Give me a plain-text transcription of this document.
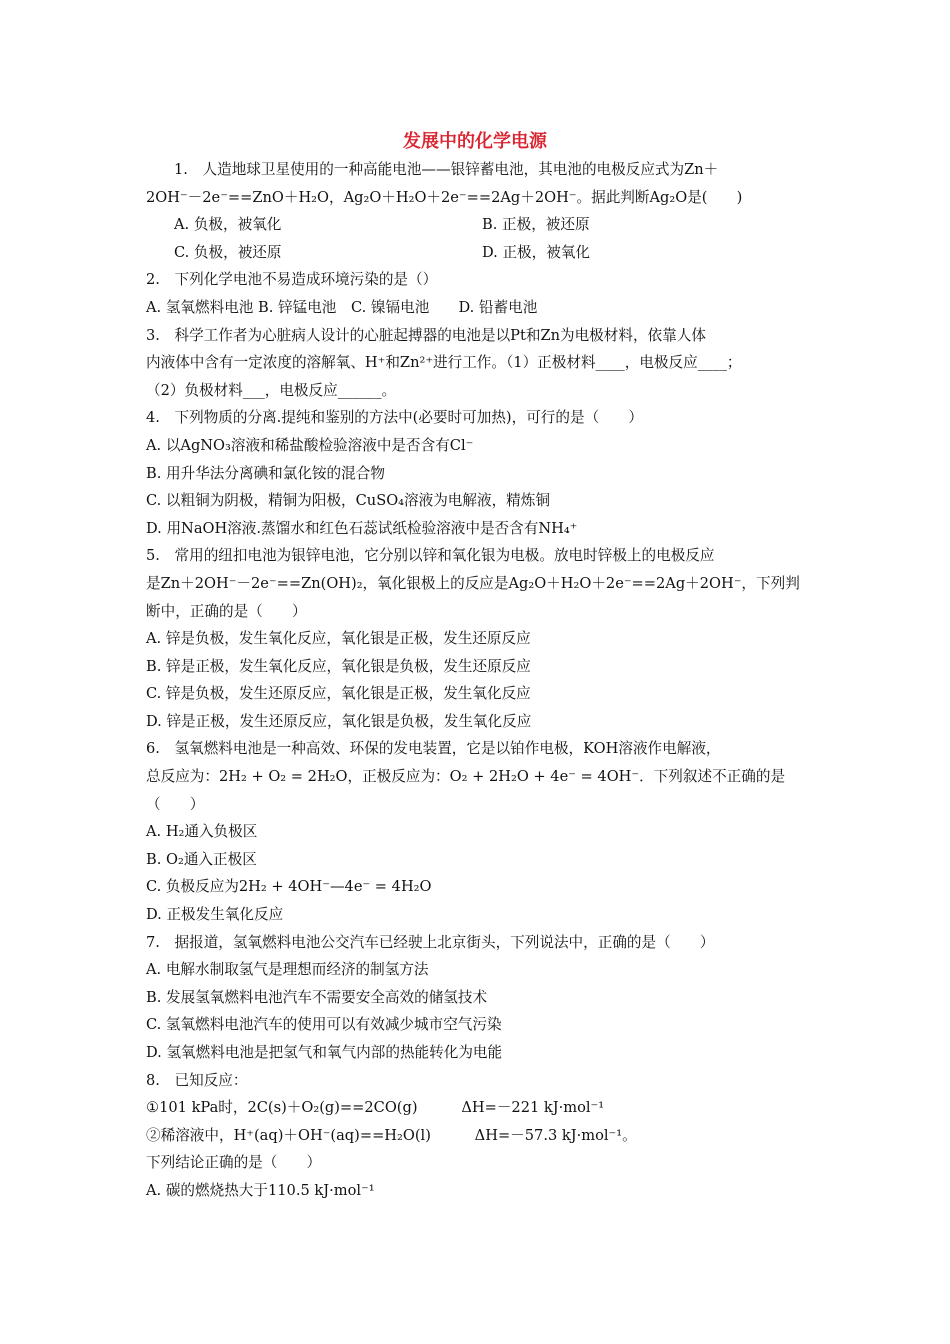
发展中的化学电源
1.　人造地球卫星使用的一种高能电池——银锌蓄电池，其电池的电极反应式为Zn＋
2OH⁻－2e⁻==ZnO＋H₂O，Ag₂O＋H₂O＋2e⁻==2Ag＋2OH⁻。据此判断Ag₂O是(　　)
A. 负极，被氧化	B. 正极，被还原
C. 负极，被还原	D. 正极，被氧化
2.　下列化学电池不易造成环境污染的是（）
A. 氢氧燃料电池 B. 锌锰电池　C. 镍镉电池　　D. 铅蓄电池
3.　科学工作者为心脏病人设计的心脏起搏器的电池是以Pt和Zn为电极材料，依靠人体
内液体中含有一定浓度的溶解氧、H⁺和Zn²⁺进行工作。（1）正极材料____，电极反应____；
（2）负极材料___，电极反应______。
4.　下列物质的分离.提纯和鉴别的方法中(必要时可加热)，可行的是（　　）
A. 以AgNO₃溶液和稀盐酸检验溶液中是否含有Cl⁻
B. 用升华法分离碘和氯化铵的混合物
C. 以粗铜为阴极，精铜为阳极，CuSO₄溶液为电解液，精炼铜
D. 用NaOH溶液.蒸馏水和红色石蕊试纸检验溶液中是否含有NH₄⁺
5.　常用的纽扣电池为银锌电池，它分别以锌和氧化银为电极。放电时锌极上的电极反应
是Zn＋2OH⁻－2e⁻==Zn(OH)₂，氧化银极上的反应是Ag₂O＋H₂O＋2e⁻==2Ag＋2OH⁻，下列判
断中，正确的是（　　）
A. 锌是负极，发生氧化反应，氧化银是正极，发生还原反应
B. 锌是正极，发生氧化反应，氧化银是负极，发生还原反应
C. 锌是负极，发生还原反应，氧化银是正极，发生氧化反应
D. 锌是正极，发生还原反应，氧化银是负极，发生氧化反应
6.　氢氧燃料电池是一种高效、环保的发电装置，它是以铂作电极，KOH溶液作电解液，
总反应为：2H₂ + O₂ = 2H₂O，正极反应为：O₂ + 2H₂O + 4e⁻ = 4OH⁻．下列叙述不正确的是
（　　）
A. H₂通入负极区
B. O₂通入正极区
C. 负极反应为2H₂ + 4OH⁻—4e⁻ = 4H₂O
D. 正极发生氧化反应
7.　据报道，氢氧燃料电池公交汽车已经驶上北京街头，下列说法中，正确的是（　　）
A. 电解水制取氢气是理想而经济的制氢方法
B. 发展氢氧燃料电池汽车不需要安全高效的储氢技术
C. 氢氧燃料电池汽车的使用可以有效减少城市空气污染
D. 氢氧燃料电池是把氢气和氧气内部的热能转化为电能
8.　已知反应：
①101 kPa时，2C(s)＋O₂(g)==2CO(g)　　　ΔH=－221 kJ·mol⁻¹
②稀溶液中，H⁺(aq)＋OH⁻(aq)==H₂O(l)　　　ΔH=－57.3 kJ·mol⁻¹。
下列结论正确的是（　　）
A. 碳的燃烧热大于110.5 kJ·mol⁻¹
